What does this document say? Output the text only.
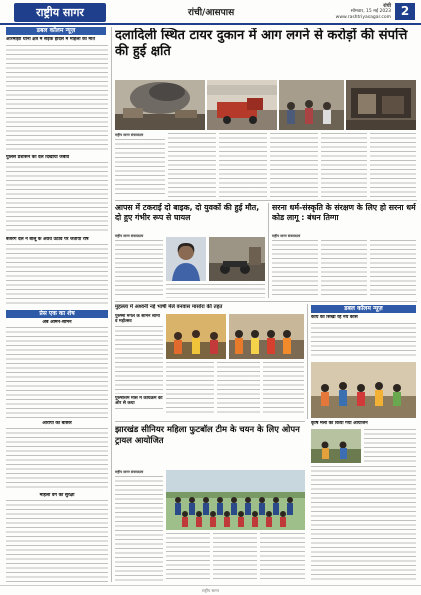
राष्ट्रीय सागर	रांची/आसपास
रांची
सोमवार, 15 मई 2023
www.rashtriyasagar.com 2
डबल कॉलम न्यूज़
ओरमांझी थाना क्षेत्र में सड़क हादसे में महिला की मौत
पुलिस प्रशासन का दल दिखाया जबाव
बजरंग दल ने बालू के अवैध उठाव पर जताया रोष
प्रेस एक का शेष
अब आमने-सामने
आरोपों की बौछार
महिला वर्ग की सुरक्षा
दलादिली स्थित टायर दुकान में आग लगने से करोड़ों की संपत्ति की हुई क्षति
राष्ट्रीय सागर संवाददाता
आपस में टकराई दो बाइक, दो युवकों की हुई मौत, दो हुए गंभीर रूप से घायल
राष्ट्रीय सागर संवाददाता
सरना धर्म-संस्कृति के संरक्षण के लिए हो सरना धर्म कोड लागू : बंधन तिग्गा
राष्ट्रीय सागर संवाददाता
मुहल्ला में अश्वनी नई भाषी मेले वनवास मासोरा की तहत
पुरुष्मा मंगल के सामने सामा व महोत्सव
पुरुषोत्तम मास में कार्यक्रम की ओर से कथा
डबल कॉलम न्यूज़
कार्य को सिखा रहे नये कोर्स
कृषि मेला का किया गया आयोजन
झारखंड सीनियर महिला फुटबॉल टीम के चयन के लिए ओपन ट्रायल आयोजित
राष्ट्रीय सागर संवाददाता
राष्ट्रीय सागर
